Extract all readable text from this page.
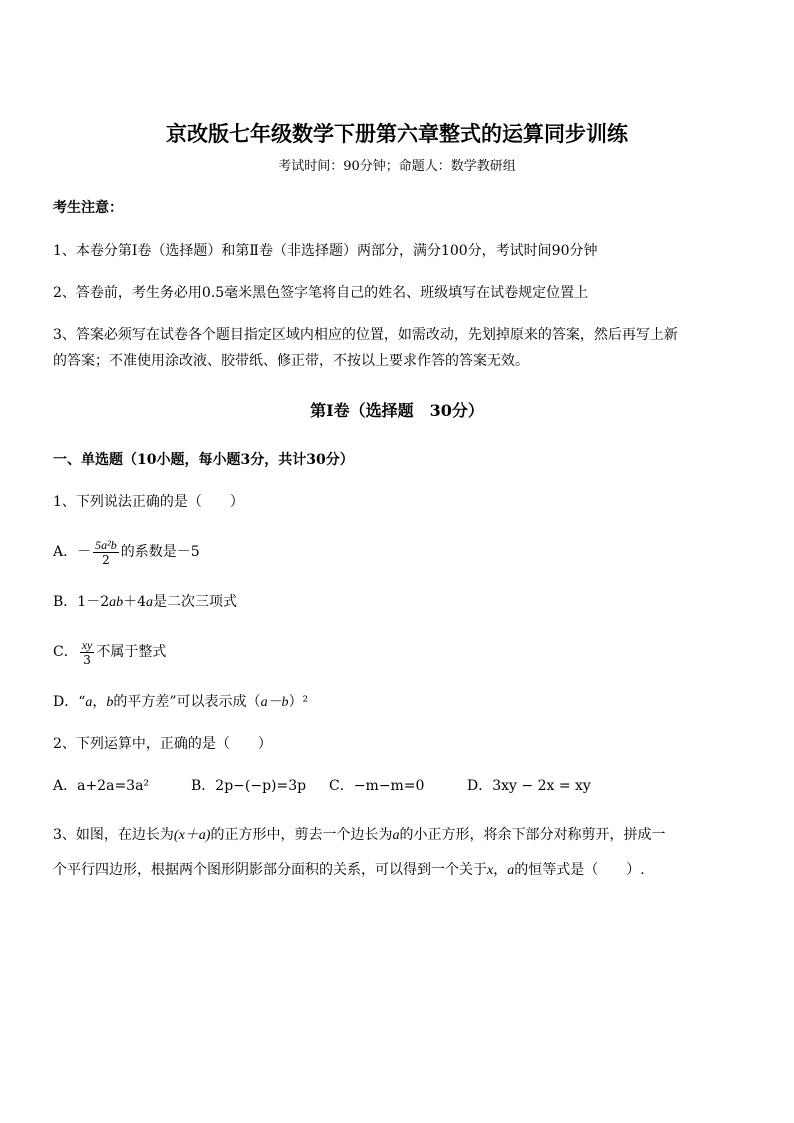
京改版七年级数学下册第六章整式的运算同步训练
考试时间：90分钟；命题人：数学教研组
考生注意：
1、本卷分第Ⅰ卷（选择题）和第Ⅱ卷（非选择题）两部分，满分100分，考试时间90分钟
2、答卷前，考生务必用0.5毫米黑色签字笔将自己的姓名、班级填写在试卷规定位置上
3、答案必须写在试卷各个题目指定区域内相应的位置，如需改动，先划掉原来的答案，然后再写上新
的答案；不准使用涂改液、胶带纸、修正带，不按以上要求作答的答案无效。
第Ⅰ卷（选择题　30分）
一、单选题（10小题，每小题3分，共计30分）
1、下列说法正确的是（　　）
A．－ $\frac{\text{5a²b}}{2}$ 的系数是－5
B．1－2ab＋4a是二次三项式
C． $\frac{xy}{3}$ 不属于整式
D．“a，b的平方差”可以表示成（a－b）²
2、下列运算中，正确的是（　　）
A．a+2a=3a²	B．2p−(−p)=3p C．−m−m=0	D．3xy − 2x = xy
3、如图，在边长为(x＋a)的正方形中，剪去一个边长为a的小正方形，将余下部分对称剪开，拼成一
个平行四边形，根据两个图形阴影部分面积的关系，可以得到一个关于x，a的恒等式是（　　）.
